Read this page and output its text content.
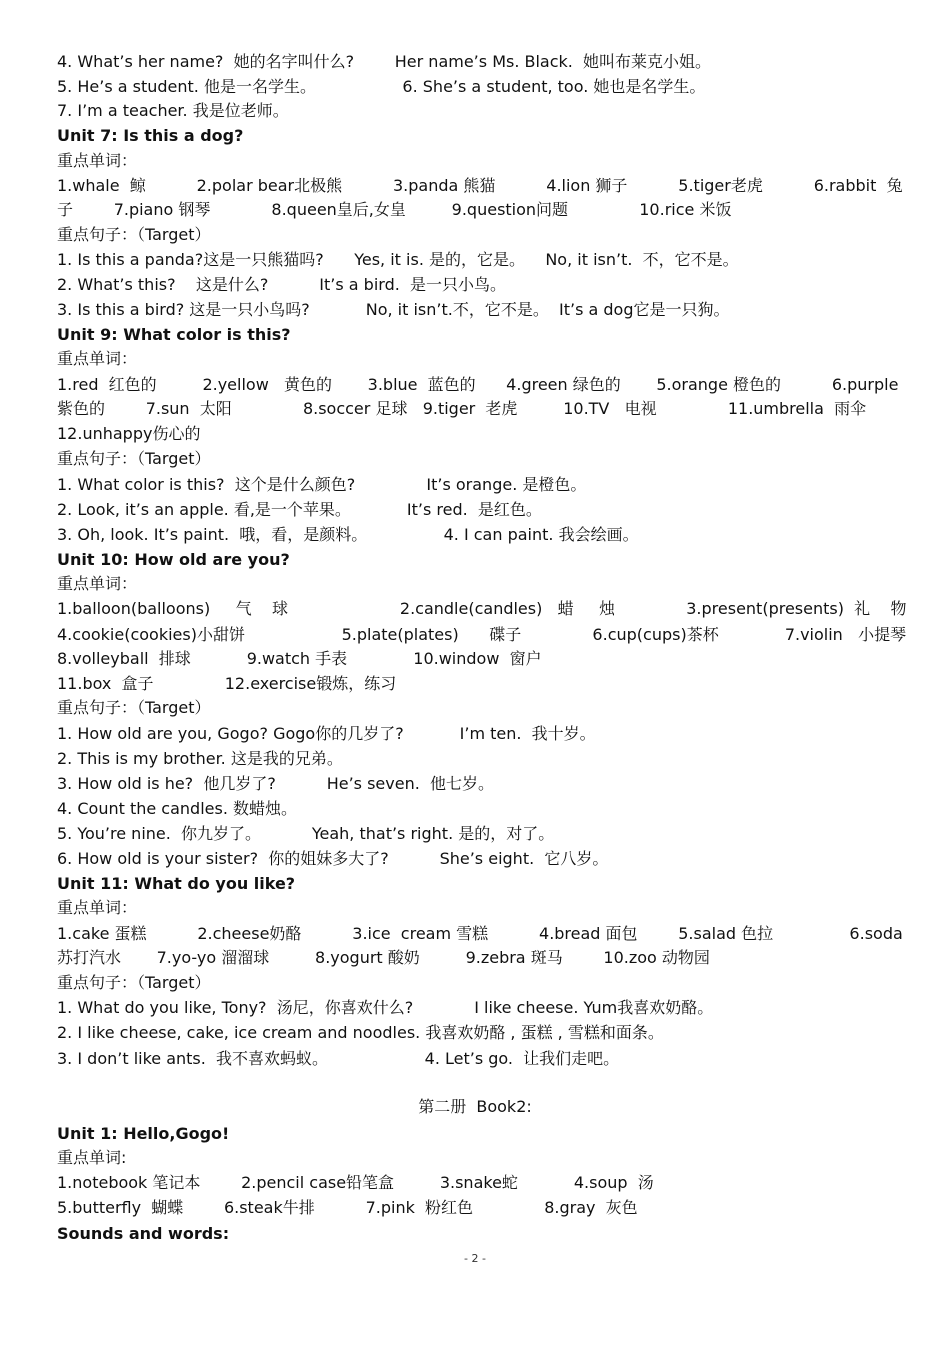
4. What’s her name?  她的名字叫什么?        Her name’s Ms. Black.  她叫布莱克小姐。
5. He’s a student. 他是一名学生。                 6. She’s a student, too. 她也是名学生。
7. I’m a teacher. 我是位老师。
Unit 7: Is this a dog?
重点单词：
1.whale  鲸          2.polar bear北极熊          3.panda 熊猫          4.lion 狮子          5.tiger老虎          6.rabbit  兔
子        7.piano 钢琴            8.queen皇后,女皇         9.question问题              10.rice 米饭
重点句子：（Target）
1. Is this a panda?这是一只熊猫吗?      Yes, it is. 是的，它是。    No, it isn’t.  不，它不是。
2. What’s this?    这是什么?          It’s a bird.  是一只小鸟。
3. Is this a bird? 这是一只小鸟吗?           No, it isn’t.不，它不是。  It’s a dog它是一只狗。
Unit 9: What color is this?
重点单词：
1.red  红色的         2.yellow   黄色的       3.blue  蓝色的      4.green 绿色的       5.orange 橙色的          6.purple
紫色的        7.sun  太阳              8.soccer 足球   9.tiger  老虎         10.TV   电视              11.umbrella  雨伞
12.unhappy伤心的
重点句子：（Target）
1. What color is this?  这个是什么颜色?              It’s orange. 是橙色。
2. Look, it’s an apple. 看,是一个苹果。           It’s red.  是红色。
3. Oh, look. It’s paint.  哦，看，是颜料。               4. I can paint. 我会绘画。
Unit 10: How old are you?
重点单词：
1.balloon(balloons)     气    球                      2.candle(candles)   蜡     烛              3.present(presents)  礼    物
4.cookie(cookies)小甜饼                   5.plate(plates)      碟子              6.cup(cups)茶杯             7.violin   小提琴
8.volleyball  排球           9.watch 手表             10.window  窗户
11.box  盒子              12.exercise锻炼，练习
重点句子：（Target）
1. How old are you, Gogo? Gogo你的几岁了?           I’m ten.  我十岁。
2. This is my brother. 这是我的兄弟。
3. How old is he?  他几岁了?          He’s seven.  他七岁。
4. Count the candles. 数蜡烛。
5. You’re nine.  你九岁了。          Yeah, that’s right. 是的，对了。
6. How old is your sister?  你的姐妹多大了?          She’s eight.  它八岁。
Unit 11: What do you like?
重点单词：
1.cake 蛋糕          2.cheese奶酪          3.ice  cream 雪糕          4.bread 面包        5.salad 色拉               6.soda
苏打汽水       7.yo-yo 溜溜球         8.yogurt 酸奶         9.zebra 斑马        10.zoo 动物园
重点句子：（Target）
1. What do you like, Tony?  汤尼，你喜欢什么?            I like cheese. Yum我喜欢奶酪。
2. I like cheese, cake, ice cream and noodles. 我喜欢奶酪 , 蛋糕 , 雪糕和面条。
3. I don’t like ants.  我不喜欢蚂蚁。                   4. Let’s go.  让我们走吧。
第二册  Book2:
Unit 1: Hello,Gogo!
重点单词:
1.notebook 笔记本        2.pencil case铅笔盒         3.snake蛇           4.soup  汤
5.butterfly  蝴蝶        6.steak牛排          7.pink  粉红色              8.gray  灰色
Sounds and words:
- 2 -
